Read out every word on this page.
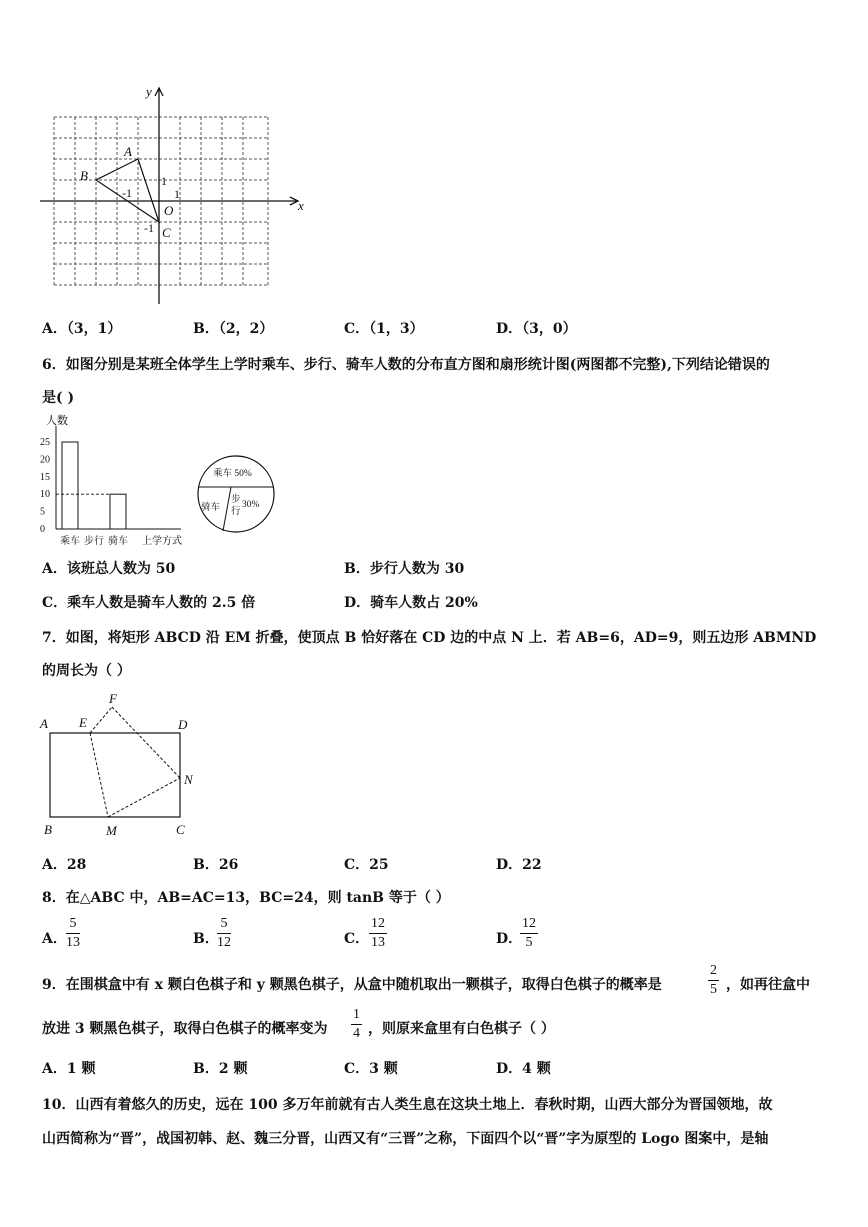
y
x
A
B
O
C
-1
1
1
-1
A．（3，1）	B．（2，2）	C．（1，3）	D．（3，0）
6．如图分别是某班全体学生上学时乘车、步行、骑车人数的分布直方图和扇形统计图(两图都不完整),下列结论错误的
是( )
0
5
10
15
20
25
乘车 步行 骑车
人数
上学方式
乘车 50%
骑车
步
行
30%
A．该班总人数为 50	B．步行人数为 30
C．乘车人数是骑车人数的 2.5 倍	D．骑车人数占 20%
7．如图，将矩形 ABCD 沿 EM 折叠，使顶点 B 恰好落在 CD 边的中点 N 上．若 AB=6，AD=9，则五边形 ABMND
的周长为（ ）
A E
F
D
N
B	M	C
A．28	B．26	C．25	D．22
8．在△ABC 中，AB=AC=13，BC=24，则 tanB 等于（ ）
A． $\frac{5}{13}$	B．
$\frac{5}{12}$	C． $\frac{12}{13}$	D．
$\frac{12}{5}$
9．在围棋盒中有 x 颗白色棋子和 y 颗黑色棋子，从盒中随机取出一颗棋子，取得白色棋子的概率是	$\frac{2}{5}$ ，如再往盒中
放进 3 颗黑色棋子，取得白色棋子的概率变为 $\frac{1}{4}$ ，则原来盒里有白色棋子（ ）
A．1 颗	B．2 颗	C．3 颗	D．4 颗
10．山西有着悠久的历史，远在 100 多万年前就有古人类生息在这块土地上．春秋时期，山西大部分为晋国领地，故
山西简称为“晋”，战国初韩、赵、魏三分晋，山西又有“三晋”之称，下面四个以“晋”字为原型的 Logo 图案中，是轴
